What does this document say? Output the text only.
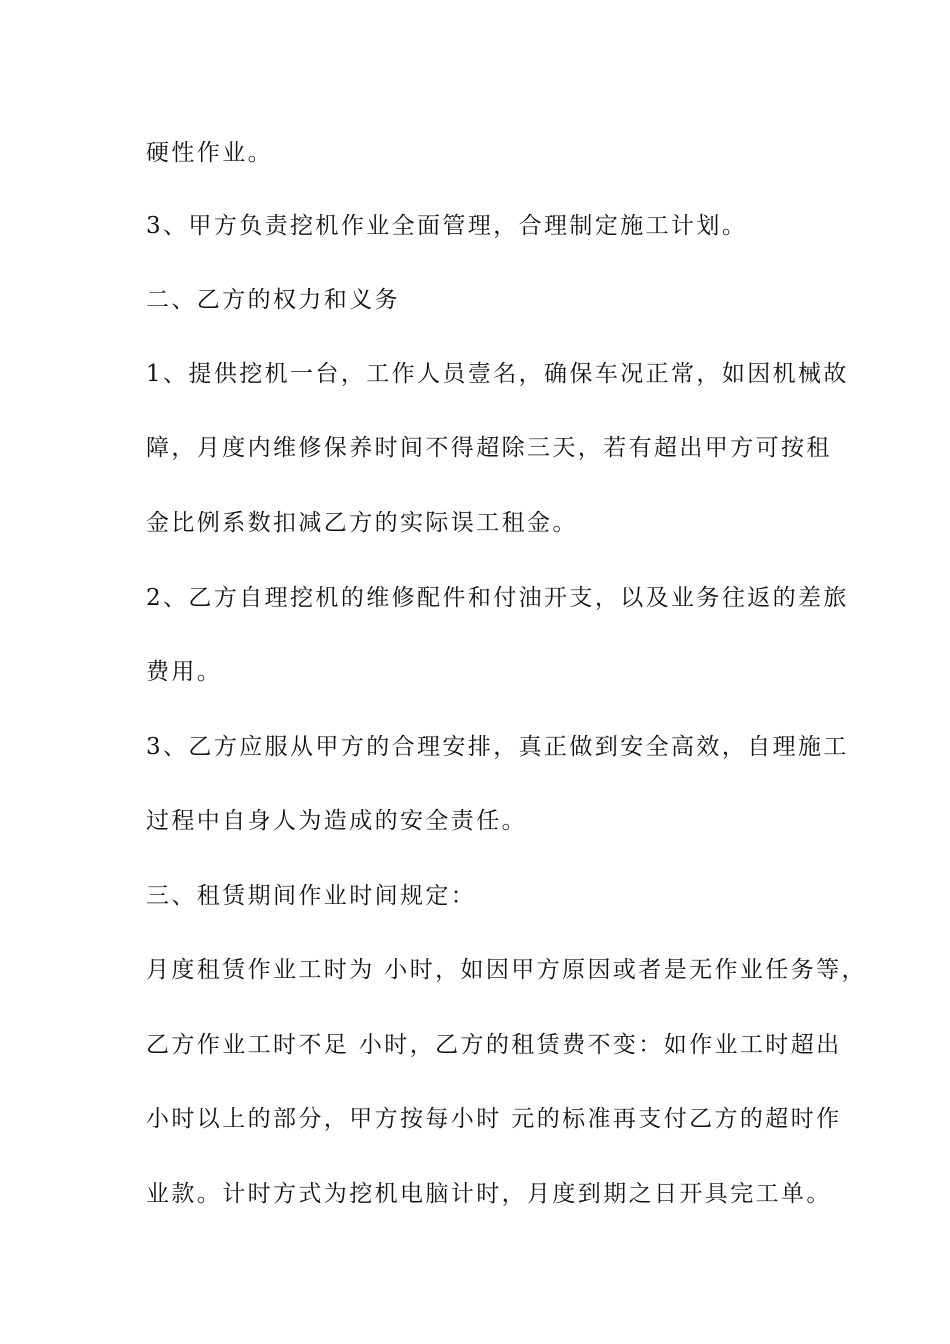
硬性作业。
3、甲方负责挖机作业全面管理，合理制定施工计划。
二、乙方的权力和义务
1、提供挖机一台，工作人员壹名，确保车况正常，如因机械故
障，月度内维修保养时间不得超除三天，若有超出甲方可按租
金比例系数扣减乙方的实际误工租金。
2、乙方自理挖机的维修配件和付油开支，以及业务往返的差旅
费用。
3、乙方应服从甲方的合理安排，真正做到安全高效，自理施工
过程中自身人为造成的安全责任。
三、租赁期间作业时间规定：
月度租赁作业工时为 小时，如因甲方原因或者是无作业任务等，
乙方作业工时不足 小时，乙方的租赁费不变：如作业工时超出
小时以上的部分，甲方按每小时 元的标准再支付乙方的超时作
业款。计时方式为挖机电脑计时，月度到期之日开具完工单。
